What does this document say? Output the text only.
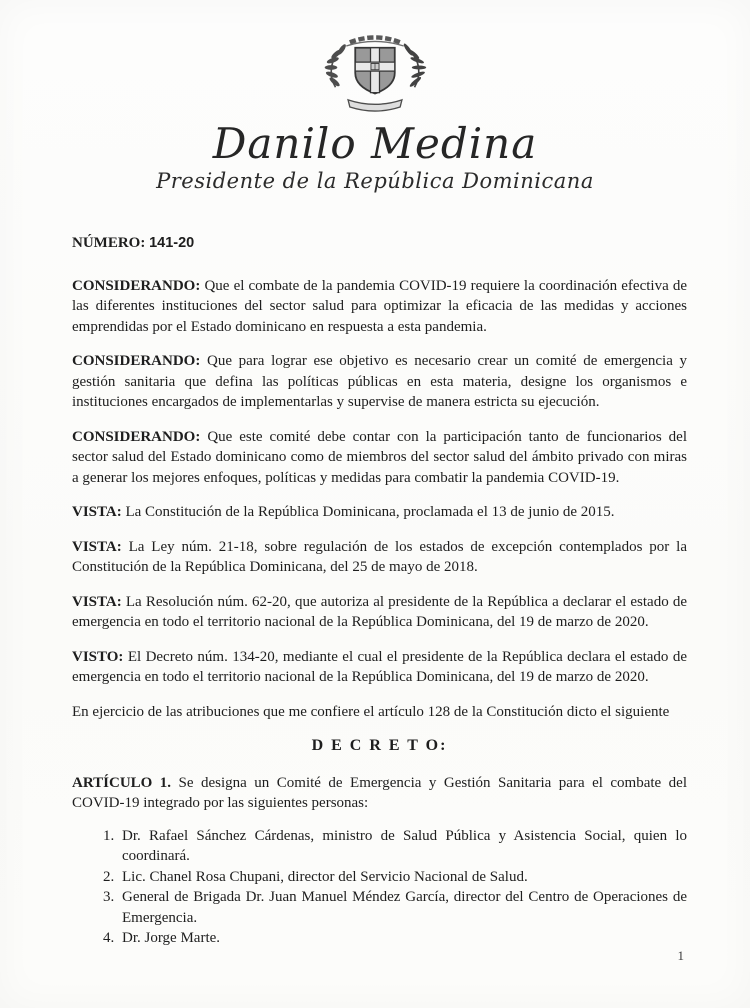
Danilo Medina
Presidente de la República Dominicana

NÚMERO: 141-20

CONSIDERANDO: Que el combate de la pandemia COVID-19 requiere la coordinación efectiva de las diferentes instituciones del sector salud para optimizar la eficacia de las medidas y acciones emprendidas por el Estado dominicano en respuesta a esta pandemia.

CONSIDERANDO: Que para lograr ese objetivo es necesario crear un comité de emergencia y gestión sanitaria que defina las políticas públicas en esta materia, designe los organismos e instituciones encargados de implementarlas y supervise de manera estricta su ejecución.

CONSIDERANDO: Que este comité debe contar con la participación tanto de funcionarios del sector salud del Estado dominicano como de miembros del sector salud del ámbito privado con miras a generar los mejores enfoques, políticas y medidas para combatir la pandemia COVID-19.

VISTA: La Constitución de la República Dominicana, proclamada el 13 de junio de 2015.

VISTA: La Ley núm. 21-18, sobre regulación de los estados de excepción contemplados por la Constitución de la República Dominicana, del 25 de mayo de 2018.

VISTA: La Resolución núm. 62-20, que autoriza al presidente de la República a declarar el estado de emergencia en todo el territorio nacional de la República Dominicana, del 19 de marzo de 2020.

VISTO: El Decreto núm. 134-20, mediante el cual el presidente de la República declara el estado de emergencia en todo el territorio nacional de la República Dominicana, del 19 de marzo de 2020.

En ejercicio de las atribuciones que me confiere el artículo 128 de la Constitución dicto el siguiente

D E C R E T O:

ARTÍCULO 1. Se designa un Comité de Emergencia y Gestión Sanitaria para el combate del COVID-19 integrado por las siguientes personas:

1. Dr. Rafael Sánchez Cárdenas, ministro de Salud Pública y Asistencia Social, quien lo coordinará.
2. Lic. Chanel Rosa Chupani, director del Servicio Nacional de Salud.
3. General de Brigada Dr. Juan Manuel Méndez García, director del Centro de Operaciones de Emergencia.
4. Dr. Jorge Marte.
1
